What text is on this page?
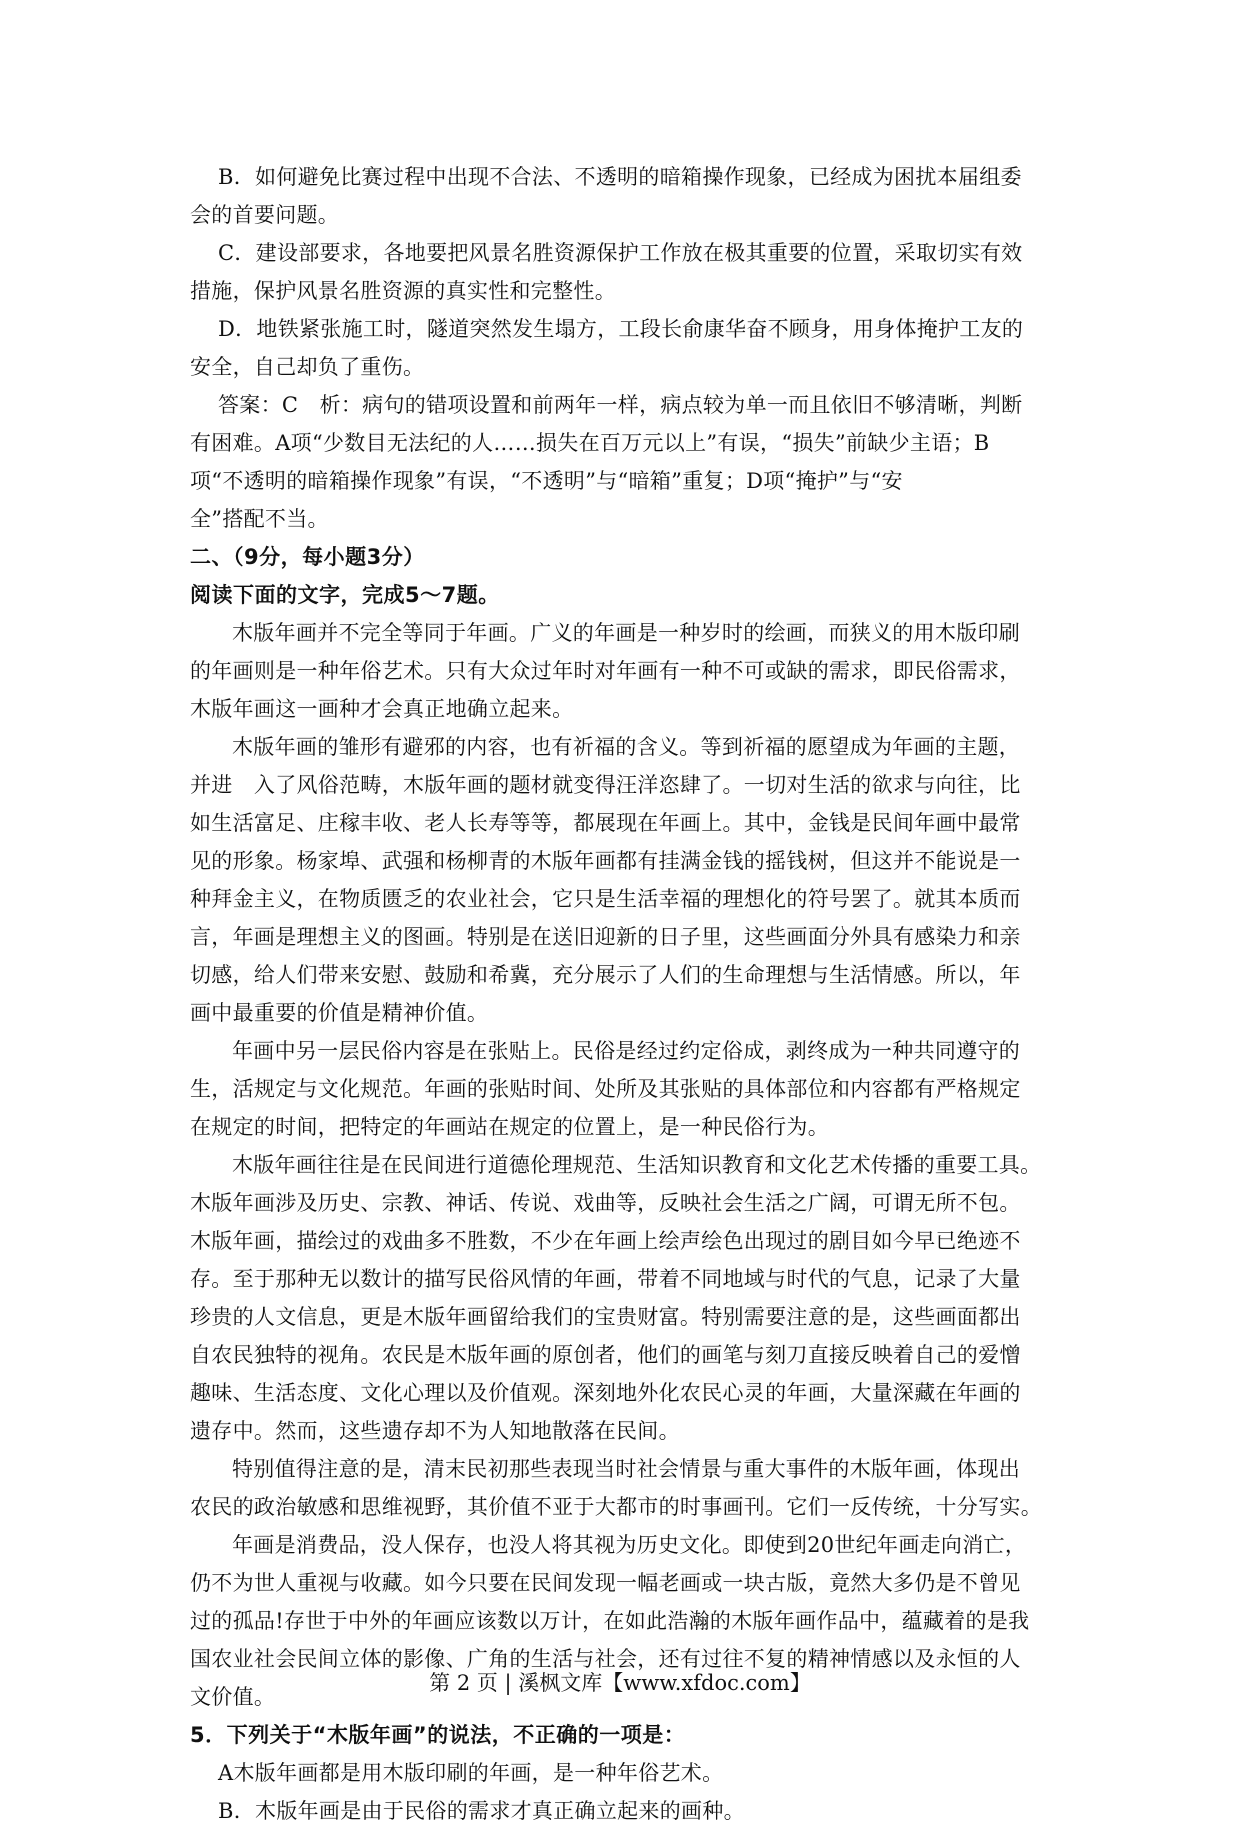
B．如何避免比赛过程中出现不合法、不透明的暗箱操作现象，已经成为困扰本届组委
会的首要问题。
C．建设部要求，各地要把风景名胜资源保护工作放在极其重要的位置，采取切实有效
措施，保护风景名胜资源的真实性和完整性。
D．地铁紧张施工时，隧道突然发生塌方，工段长俞康华奋不顾身，用身体掩护工友的
安全，自己却负了重伤。
答案：C　析：病句的错项设置和前两年一样，病点较为单一而且依旧不够清晰，判断
有困难。A项“少数目无法纪的人……损失在百万元以上”有误，“损失”前缺少主语；B
项“不透明的暗箱操作现象”有误，“不透明”与“暗箱”重复；D项“掩护”与“安
全”搭配不当。
二、（9分，每小题3分）
阅读下面的文字，完成5～7题。
木版年画并不完全等同于年画。广义的年画是一种岁时的绘画，而狭义的用木版印刷
的年画则是一种年俗艺术。只有大众过年时对年画有一种不可或缺的需求，即民俗需求，
木版年画这一画种才会真正地确立起来。
木版年画的雏形有避邪的内容，也有祈福的含义。等到祈福的愿望成为年画的主题，
并进　入了风俗范畴，木版年画的题材就变得汪洋恣肆了。一切对生活的欲求与向往，比
如生活富足、庄稼丰收、老人长寿等等，都展现在年画上。其中，金钱是民间年画中最常
见的形象。杨家埠、武强和杨柳青的木版年画都有挂满金钱的摇钱树，但这并不能说是一
种拜金主义，在物质匮乏的农业社会，它只是生活幸福的理想化的符号罢了。就其本质而
言，年画是理想主义的图画。特别是在送旧迎新的日子里，这些画面分外具有感染力和亲
切感，给人们带来安慰、鼓励和希冀，充分展示了人们的生命理想与生活情感。所以，年
画中最重要的价值是精神价值。
年画中另一层民俗内容是在张贴上。民俗是经过约定俗成，剥终成为一种共同遵守的
生，活规定与文化规范。年画的张贴时间、处所及其张贴的具体部位和内容都有严格规定
在规定的时间，把特定的年画站在规定的位置上，是一种民俗行为。
木版年画往往是在民间进行道德伦理规范、生活知识教育和文化艺术传播的重要工具。
木版年画涉及历史、宗教、神话、传说、戏曲等，反映社会生活之广阔，可谓无所不包。
木版年画，描绘过的戏曲多不胜数，不少在年画上绘声绘色出现过的剧目如今早已绝迹不
存。至于那种无以数计的描写民俗风情的年画，带着不同地域与时代的气息，记录了大量
珍贵的人文信息，更是木版年画留给我们的宝贵财富。特别需要注意的是，这些画面都出
自农民独特的视角。农民是木版年画的原创者，他们的画笔与刻刀直接反映着自己的爱憎
趣味、生活态度、文化心理以及价值观。深刻地外化农民心灵的年画，大量深藏在年画的
遗存中。然而，这些遗存却不为人知地散落在民间。
特别值得注意的是，清末民初那些表现当时社会情景与重大事件的木版年画，体现出
农民的政治敏感和思维视野，其价值不亚于大都市的时事画刊。它们一反传统，十分写实。
年画是消费品，没人保存，也没人将其视为历史文化。即使到20世纪年画走向消亡，
仍不为世人重视与收藏。如今只要在民间发现一幅老画或一块古版，竟然大多仍是不曾见
过的孤品!存世于中外的年画应该数以万计，在如此浩瀚的木版年画作品中，蕴藏着的是我
国农业社会民间立体的影像、广角的生活与社会，还有过往不复的精神情感以及永恒的人
文价值。
5．下列关于“木版年画”的说法，不正确的一项是：
A木版年画都是用木版印刷的年画，是一种年俗艺术。
B．木版年画是由于民俗的需求才真正确立起来的画种。
第 2 页 | 溪枫文库【www.xfdoc.com】
